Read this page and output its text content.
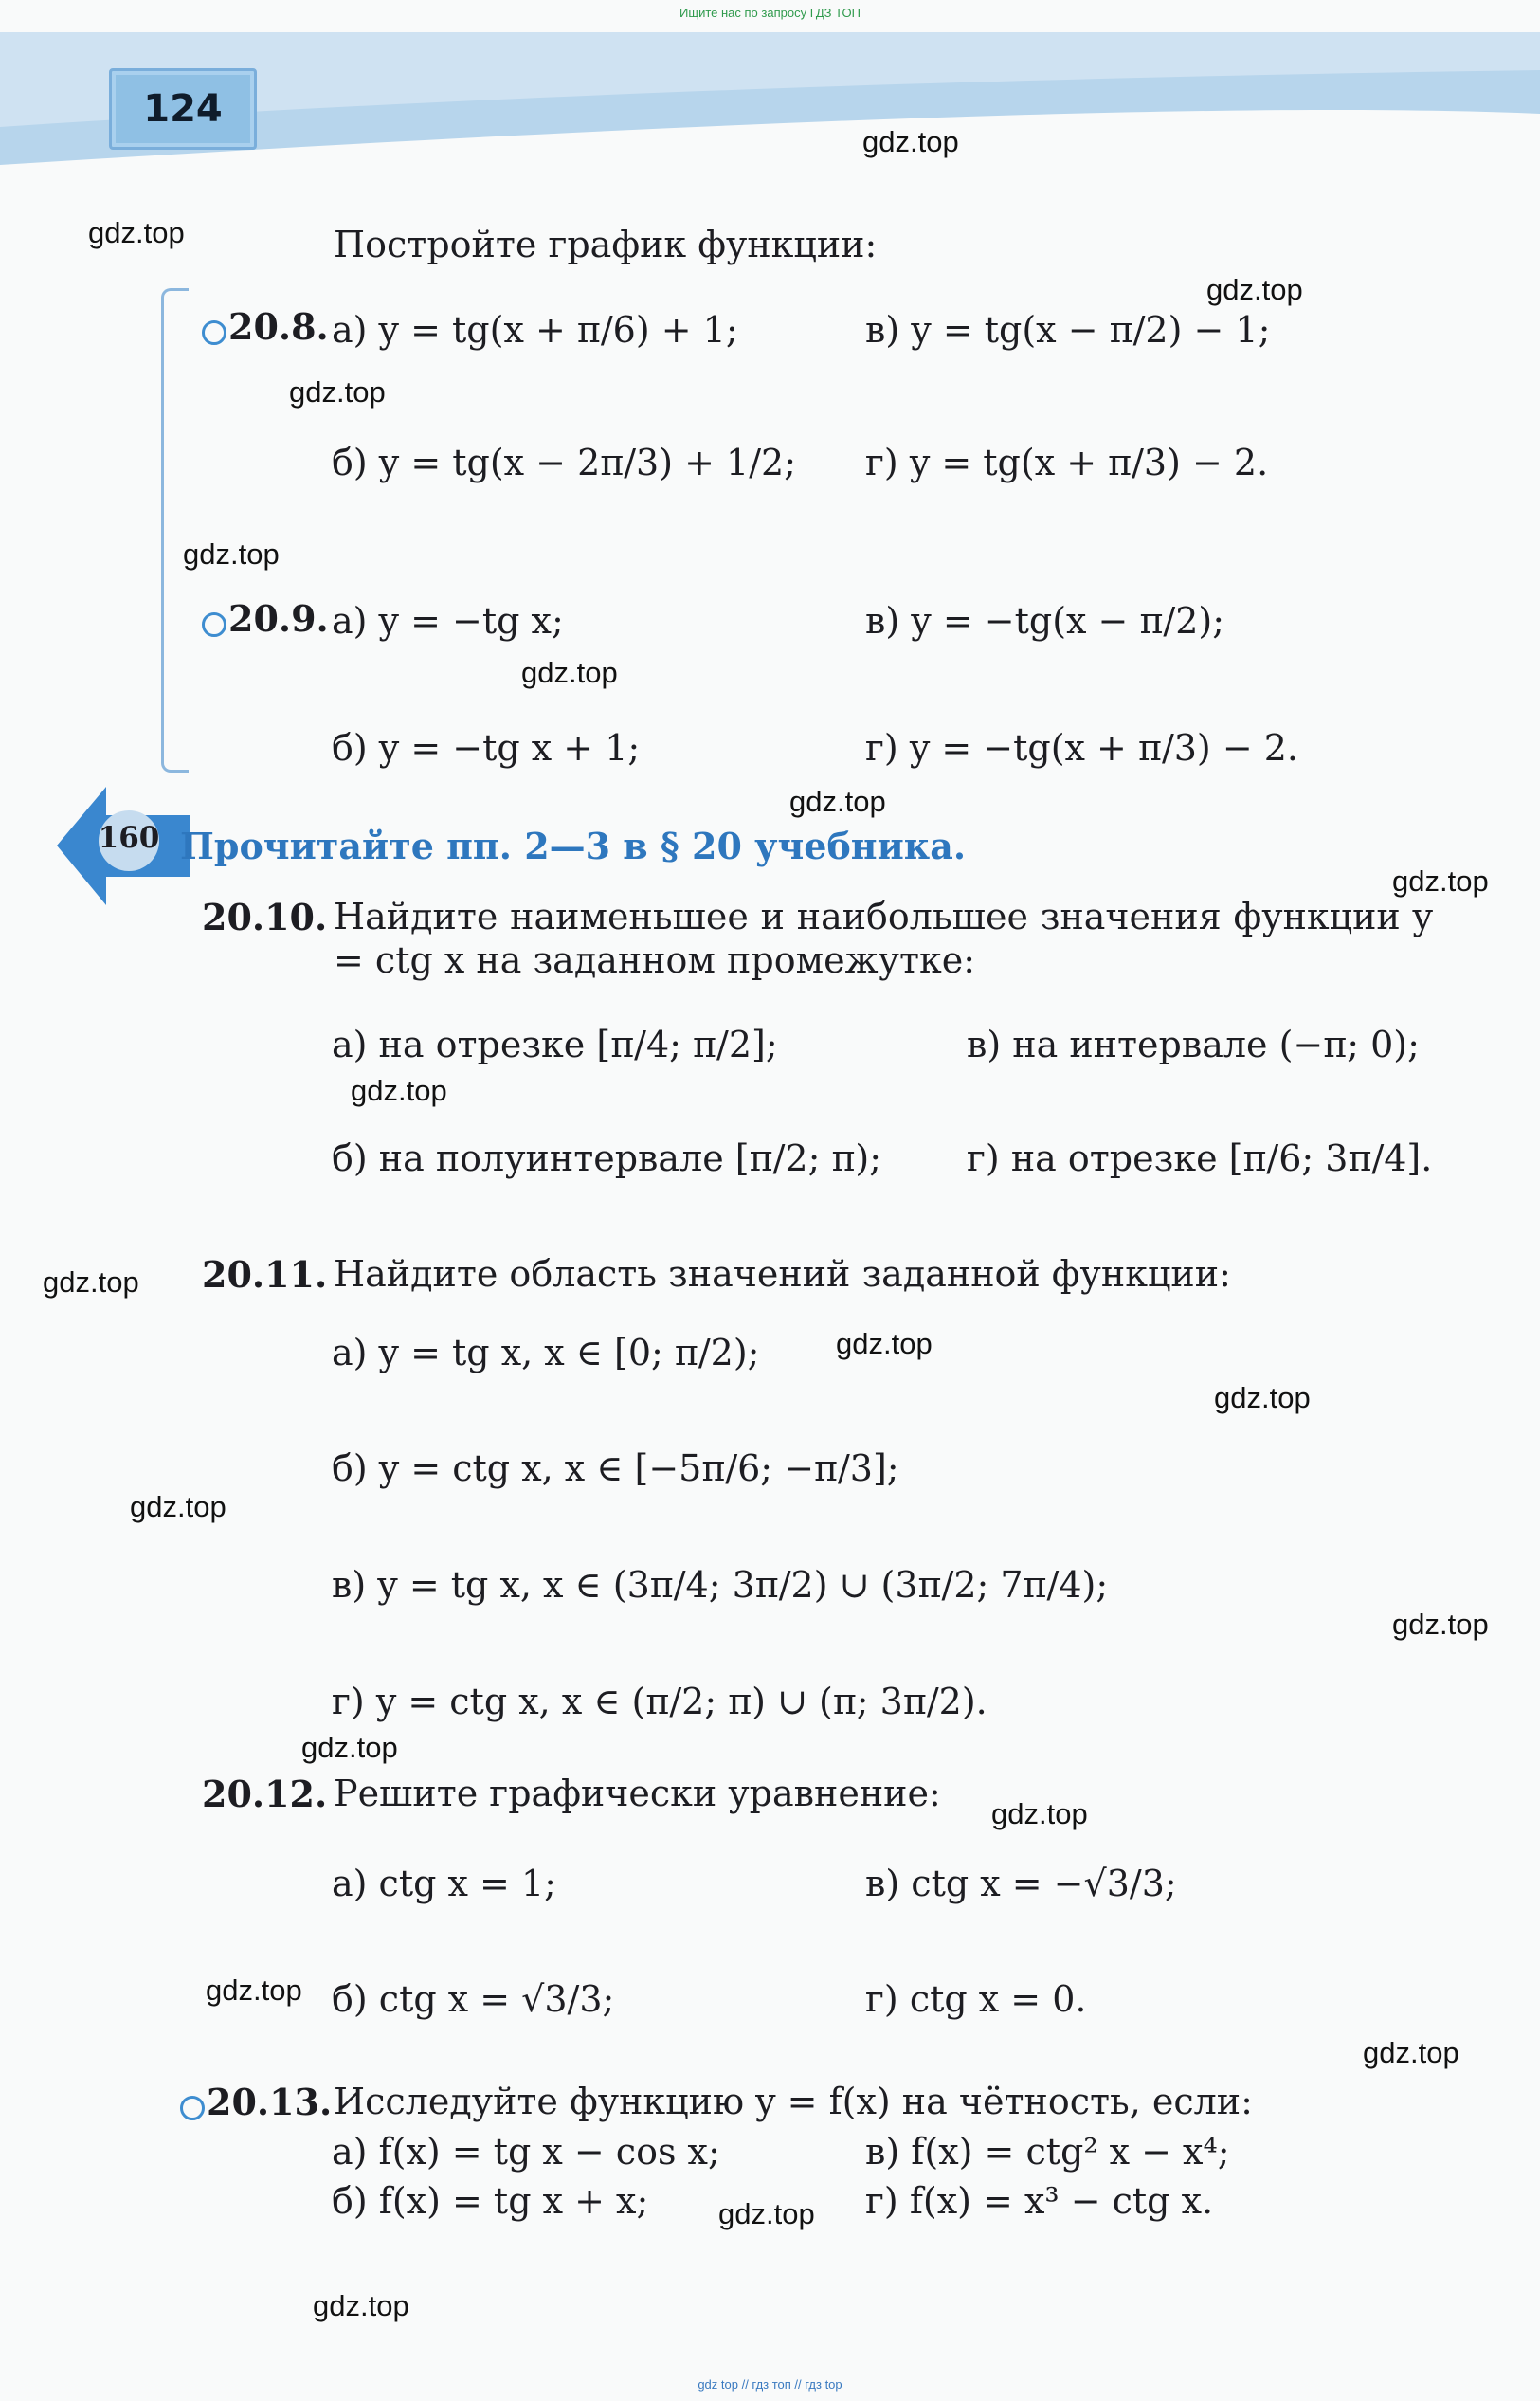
Ищите нас по запросу ГДЗ ТОП
124

gdz.top
gdz.top
gdz.top
gdz.top
gdz.top
gdz.top
gdz.top
gdz.top
gdz.top
gdz.top
gdz.top
gdz.top
gdz.top
gdz.top
gdz.top
gdz.top
gdz.top
gdz.top
gdz.top
gdz.top
Постройте график функции:
20.8. а) y = tg(x + π/6) + 1;	в) y = tg(x − π/2) − 1;
б) y = tg(x − 2π/3) + 1/2; г) y = tg(x + π/3) − 2.
20.9. а) y = −tg x;	в) y = −tg(x − π/2);
б) y = −tg x + 1;	г) y = −tg(x + π/3) − 2.
160 Прочитайте пп. 2—3 в § 20 учебника.
20.10. Найдите наименьшее и наибольшее значения функции y = ctg x на заданном промежутке:
а) на отрезке [π/4; π/2];	в) на интервале (−π; 0);
б) на полуинтервале [π/2; π); г) на отрезке [π/6; 3π/4].
20.11. Найдите область значений заданной функции:
а) y = tg x, x ∈ [0; π/2);
б) y = ctg x, x ∈ [−5π/6; −π/3];
в) y = tg x, x ∈ (3π/4; 3π/2) ∪ (3π/2; 7π/4);
г) y = ctg x, x ∈ (π/2; π) ∪ (π; 3π/2).
20.12. Решите графически уравнение:
а) ctg x = 1;	в) ctg x = −√3/3;
б) ctg x = √3/3;	г) ctg x = 0.
20.13. Исследуйте функцию y = f(x) на чётность, если:
а) f(x) = tg x − cos x;	в) f(x) = ctg² x − x⁴;
б) f(x) = tg x + x;	г) f(x) = x³ − ctg x.
gdz top // гдз топ // гдз top
